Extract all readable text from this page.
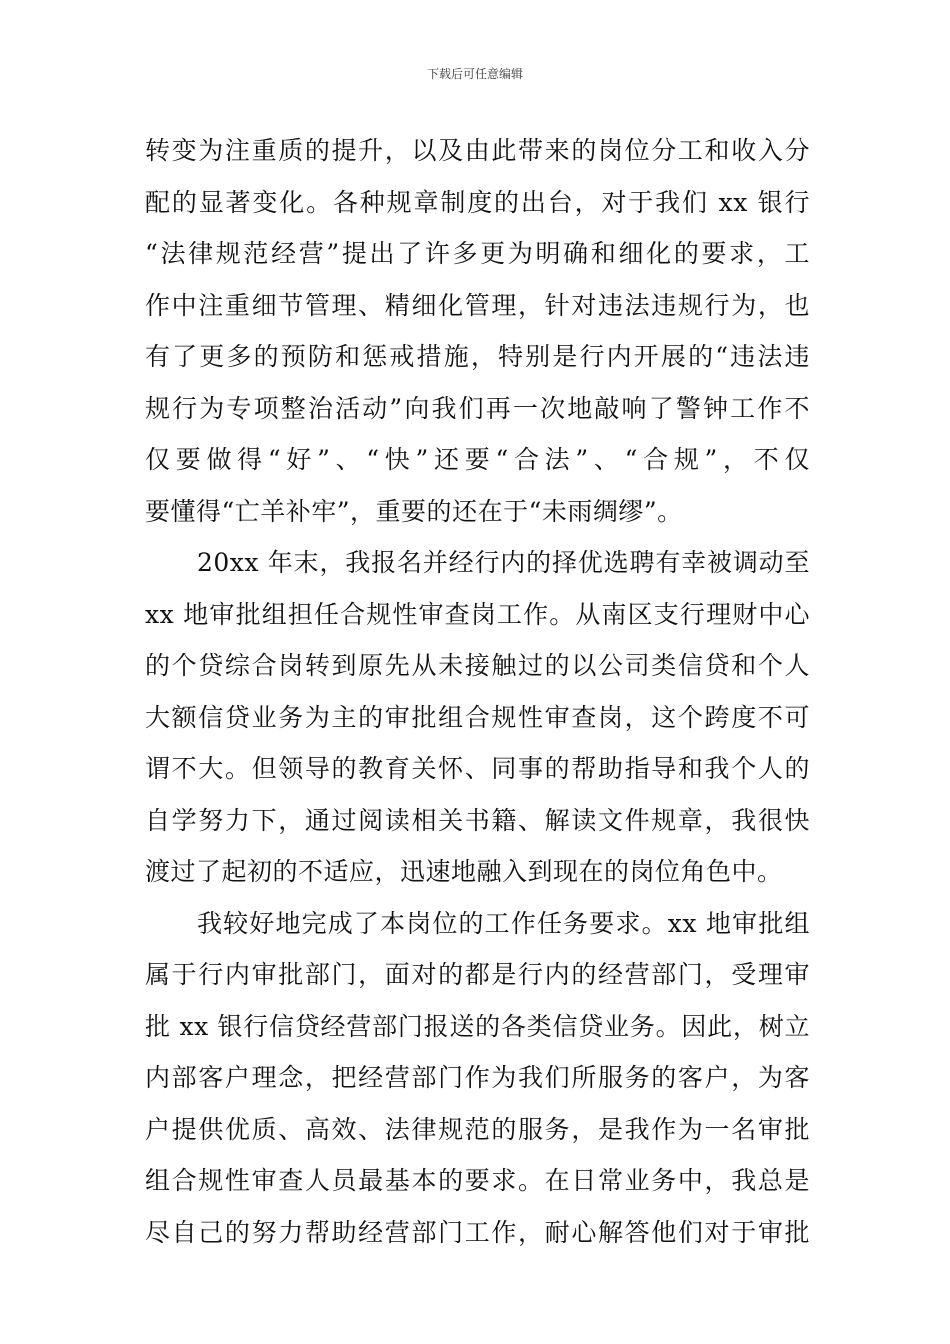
下载后可任意编辑
转变为注重质的提升，以及由此带来的岗位分工和收入分
配的显著变化。各种规章制度的出台，对于我们 xx 银行
“法律规范经营”提出了许多更为明确和细化的要求，工
作中注重细节管理、精细化管理，针对违法违规行为，也
有了更多的预防和惩戒措施，特别是行内开展的“违法违
规行为专项整治活动”向我们再一次地敲响了警钟工作不
仅要做得“好”、“快”还要“合法”、“合规”，不仅
要懂得“亡羊补牢”，重要的还在于“未雨绸缪”。
20xx 年末，我报名并经行内的择优选聘有幸被调动至
xx 地审批组担任合规性审查岗工作。从南区支行理财中心
的个贷综合岗转到原先从未接触过的以公司类信贷和个人
大额信贷业务为主的审批组合规性审查岗，这个跨度不可
谓不大。但领导的教育关怀、同事的帮助指导和我个人的
自学努力下，通过阅读相关书籍、解读文件规章，我很快
渡过了起初的不适应，迅速地融入到现在的岗位角色中。
我较好地完成了本岗位的工作任务要求。xx 地审批组
属于行内审批部门，面对的都是行内的经营部门，受理审
批 xx 银行信贷经营部门报送的各类信贷业务。因此，树立
内部客户理念，把经营部门作为我们所服务的客户，为客
户提供优质、高效、法律规范的服务，是我作为一名审批
组合规性审查人员最基本的要求。在日常业务中，我总是
尽自己的努力帮助经营部门工作，耐心解答他们对于审批
